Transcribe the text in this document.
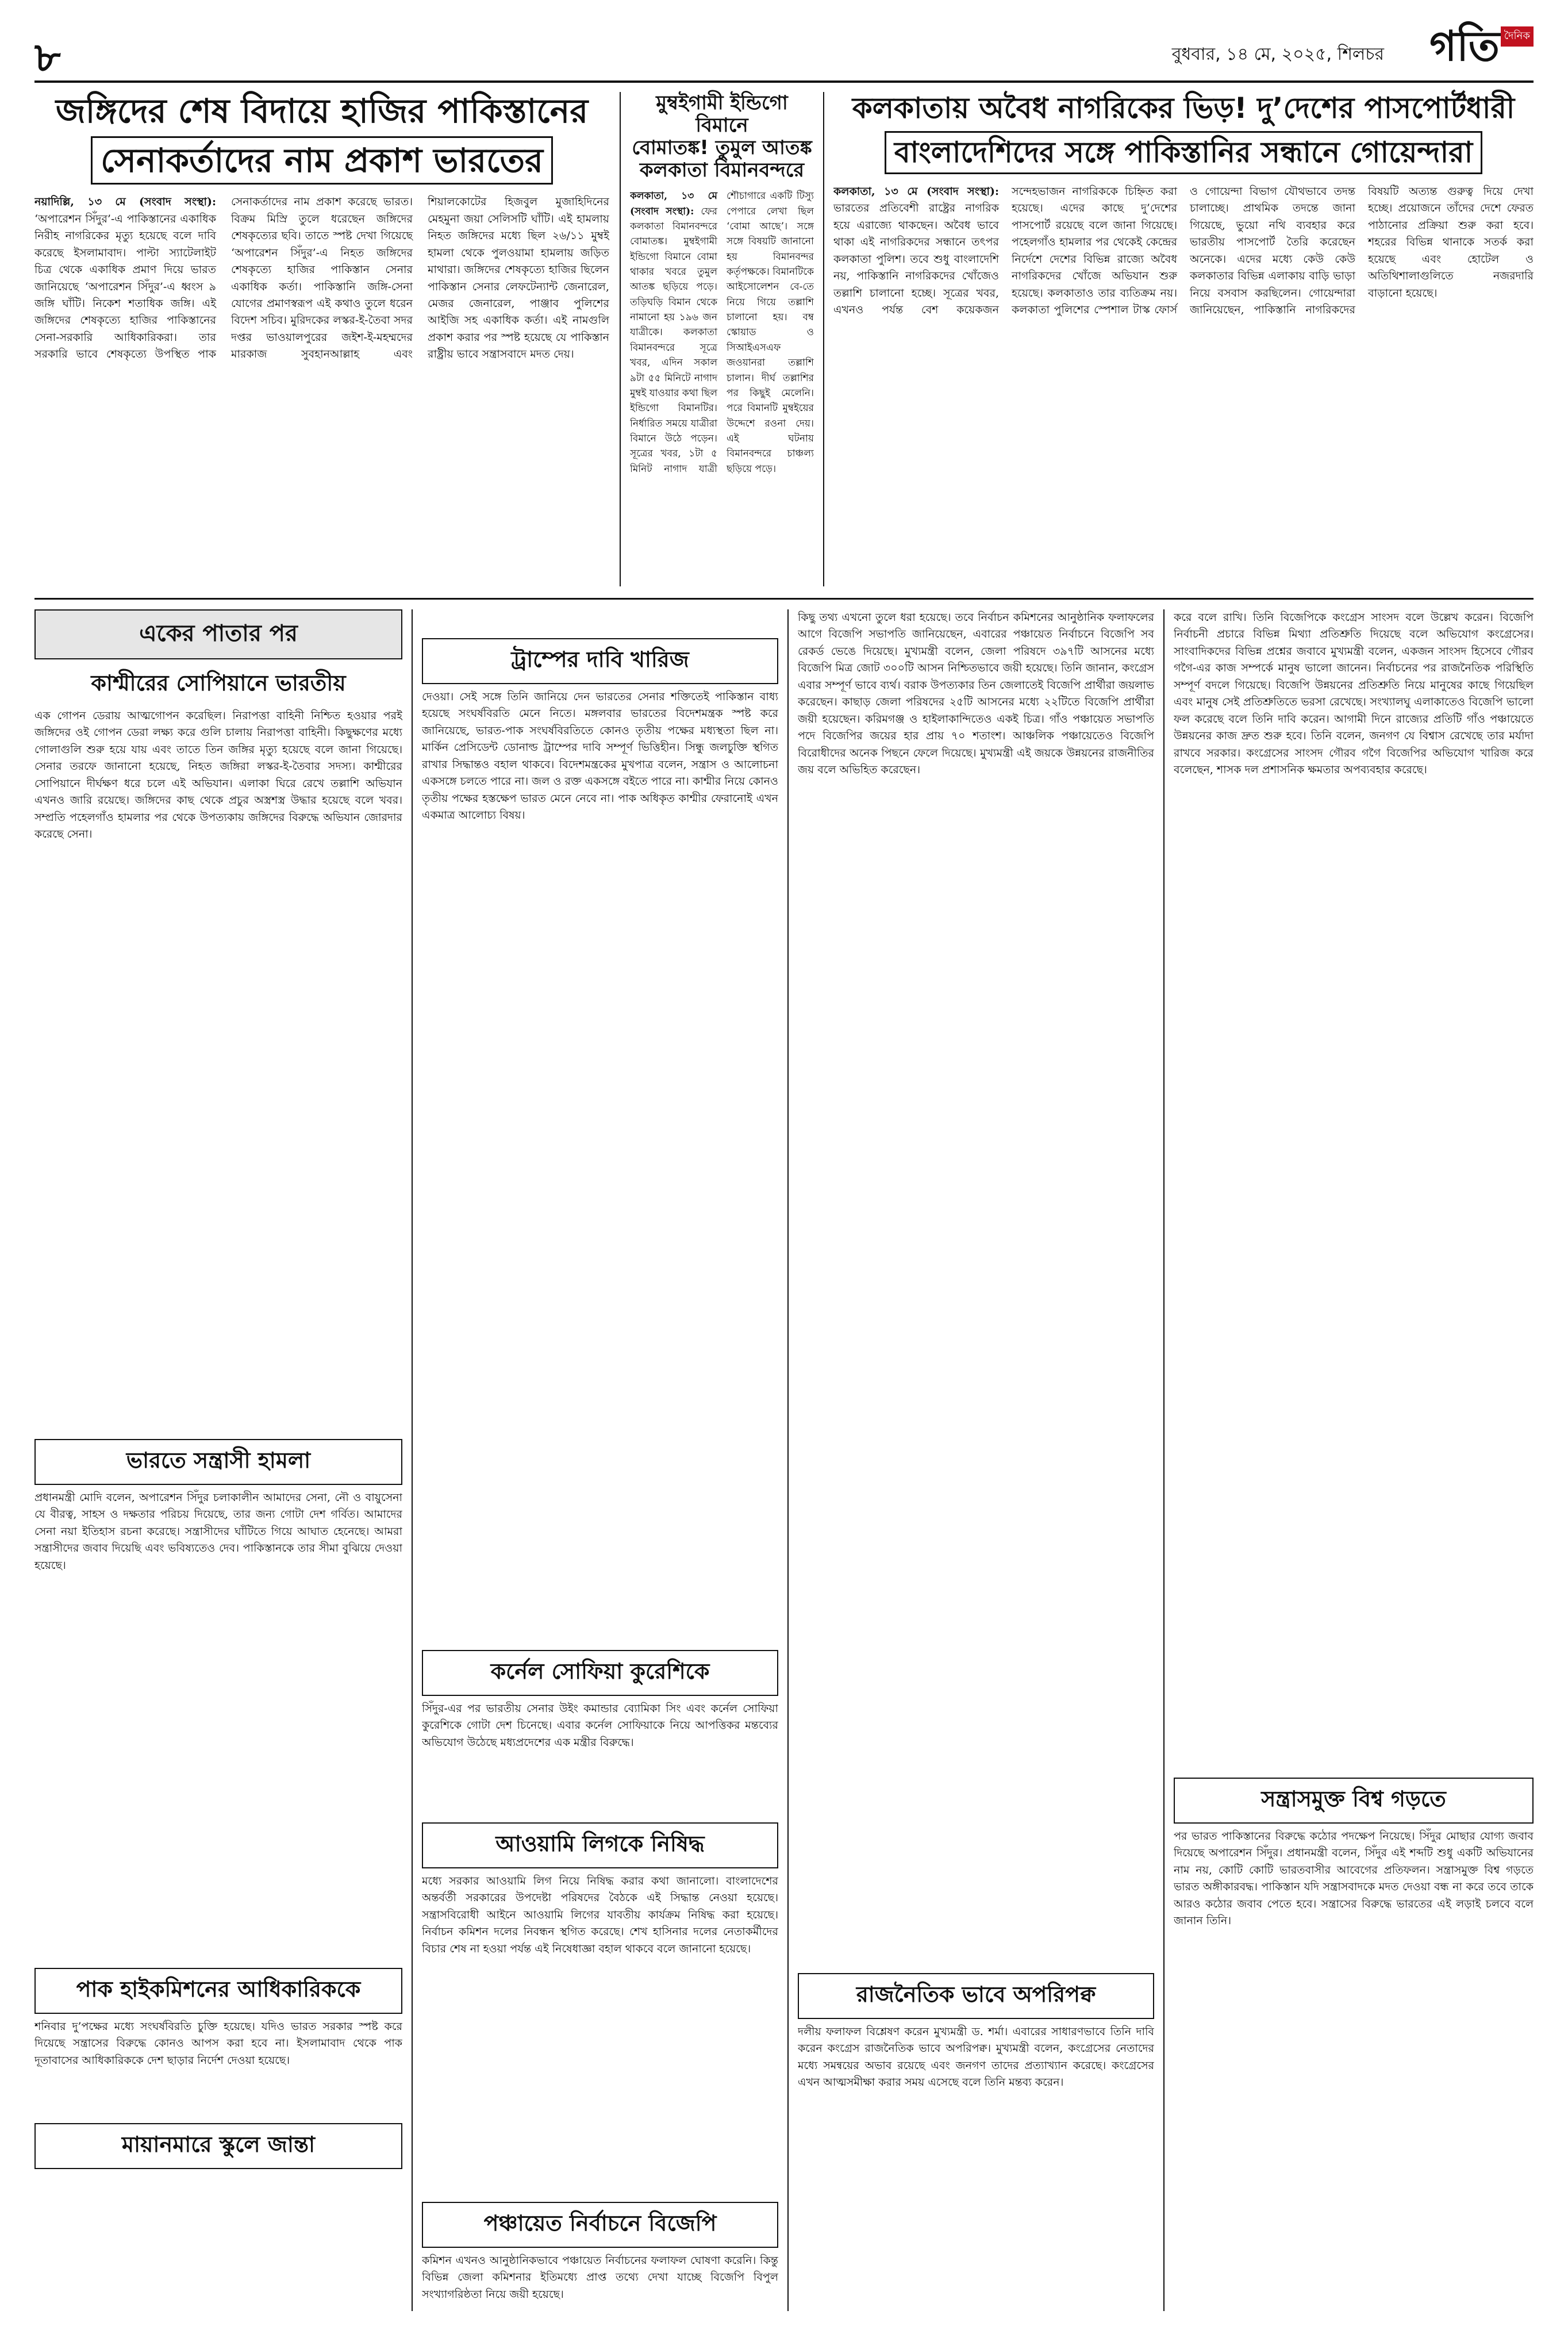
৮	বুধবার, ১৪ মে, ২০২৫, শিলচর গতি দৈনিক
জঙ্গিদের শেষ বিদায়ে হাজির পাকিস্তানের
সেনাকর্তাদের নাম প্রকাশ ভারতের
নয়াদিল্লি, ১৩ মে (সংবাদ সংস্থা): ‘অপারেশন সিঁদুর’-এ পাকিস্তানের একাধিক নিরীহ নাগরিকের মৃত্যু হয়েছে বলে দাবি করেছে ইসলামাবাদ। পাল্টা স্যাটেলাইট চিত্র থেকে একাধিক প্রমাণ দিয়ে ভারত জানিয়েছে ‘অপারেশন সিঁদুর’-এ ধ্বংস ৯ জঙ্গি ঘাঁটি। নিকেশ শতাধিক জঙ্গি। এই জঙ্গিদের শেষকৃত্যে হাজির পাকিস্তানের সেনা-সরকারি আধিকারিকরা। তার সরকারি ভাবে শেষকৃত্যে উপস্থিত পাক সেনাকর্তাদের নাম প্রকাশ করেছে ভারত। বিক্রম মিস্রি তুলে ধরেছেন জঙ্গিদের শেষকৃত্যের ছবি। তাতে স্পষ্ট দেখা গিয়েছে ‘অপারেশন সিঁদুর’-এ নিহত জঙ্গিদের শেষকৃত্যে হাজির পাকিস্তান সেনার একাধিক কর্তা। পাকিস্তানি জঙ্গি-সেনা যোগের প্রমাণস্বরূপ এই কথাও তুলে ধরেন বিদেশ সচিব। মুরিদকের লস্কর-ই-তৈবা সদর দপ্তর ভাওয়ালপুরের জইশ-ই-মহম্মদের মারকাজ সুবহানআল্লাহ এবং শিয়ালকোটের হিজবুল মুজাহিদিনের মেহমুনা জয়া সেলিসটি ঘাঁটি। এই হামলায় নিহত জঙ্গিদের মধ্যে ছিল ২৬/১১ মুম্বই হামলা থেকে পুলওয়ামা হামলায় জড়িত মাথারা। জঙ্গিদের শেষকৃত্যে হাজির ছিলেন পাকিস্তান সেনার লেফটেন্যান্ট জেনারেল, মেজর জেনারেল, পাঞ্জাব পুলিশের আইজি সহ একাধিক কর্তা। এই নামগুলি প্রকাশ করার পর স্পষ্ট হয়েছে যে পাকিস্তান রাষ্ট্রীয় ভাবে সন্ত্রাসবাদে মদত দেয়।
মুম্বইগামী ইন্ডিগো বিমানে
বোমাতঙ্ক! তুমুল আতঙ্ক
কলকাতা বিমানবন্দরে
কলকাতা, ১৩ মে (সংবাদ সংস্থা): ফের কলকাতা বিমানবন্দরে বোমাতঙ্ক। মুম্বইগামী ইন্ডিগো বিমানে বোমা থাকার খবরে তুমুল আতঙ্ক ছড়িয়ে পড়ে। তড়িঘড়ি বিমান থেকে নামানো হয় ১৯৬ জন যাত্রীকে। কলকাতা বিমানবন্দরে সূত্রে খবর, এদিন সকাল ৯টা ৫৫ মিনিটে নাগাদ মুম্বই যাওয়ার কথা ছিল ইন্ডিগো বিমানটির। নির্ধারিত সময়ে যাত্রীরা বিমানে উঠে পড়েন। সূত্রের খবর, ১টা ৫ মিনিট নাগাদ যাত্রী শৌচাগারে একটি টিস্যু পেপারে লেখা ছিল ‘বোমা আছে’। সঙ্গে সঙ্গে বিষয়টি জানানো হয় বিমানবন্দর কর্তৃপক্ষকে। বিমানটিকে আইসোলেশন বে-তে নিয়ে গিয়ে তল্লাশি চালানো হয়। বম্ব স্কোয়াড ও সিআইএসএফ জওয়ানরা তল্লাশি চালান। দীর্ঘ তল্লাশির পর কিছুই মেলেনি। পরে বিমানটি মুম্বইয়ের উদ্দেশে রওনা দেয়। এই ঘটনায় বিমানবন্দরে চাঞ্চল্য ছড়িয়ে পড়ে।
কলকাতায় অবৈধ নাগরিকের ভিড়! দু’দেশের পাসপোর্টধারী
বাংলাদেশিদের সঙ্গে পাকিস্তানির সন্ধানে গোয়েন্দারা
কলকাতা, ১৩ মে (সংবাদ সংস্থা): ভারতের প্রতিবেশী রাষ্ট্রের নাগরিক হয়ে এরাজ্যে থাকছেন। অবৈধ ভাবে থাকা এই নাগরিকদের সন্ধানে তৎপর কলকাতা পুলিশ। তবে শুধু বাংলাদেশি নয়, পাকিস্তানি নাগরিকদের খোঁজেও তল্লাশি চালানো হচ্ছে। সূত্রের খবর, এখনও পর্যন্ত বেশ কয়েকজন সন্দেহভাজন নাগরিককে চিহ্নিত করা হয়েছে। এদের কাছে দু’দেশের পাসপোর্ট রয়েছে বলে জানা গিয়েছে। পহেলগাঁও হামলার পর থেকেই কেন্দ্রের নির্দেশে দেশের বিভিন্ন রাজ্যে অবৈধ নাগরিকদের খোঁজে অভিযান শুরু হয়েছে। কলকাতাও তার ব্যতিক্রম নয়। কলকাতা পুলিশের স্পেশাল টাস্ক ফোর্স ও গোয়েন্দা বিভাগ যৌথভাবে তদন্ত চালাচ্ছে। প্রাথমিক তদন্তে জানা গিয়েছে, ভুয়ো নথি ব্যবহার করে ভারতীয় পাসপোর্ট তৈরি করেছেন অনেকে। এদের মধ্যে কেউ কেউ কলকাতার বিভিন্ন এলাকায় বাড়ি ভাড়া নিয়ে বসবাস করছিলেন। গোয়েন্দারা জানিয়েছেন, পাকিস্তানি নাগরিকদের বিষয়টি অত্যন্ত গুরুত্ব দিয়ে দেখা হচ্ছে। প্রয়োজনে তাঁদের দেশে ফেরত পাঠানোর প্রক্রিয়া শুরু করা হবে। শহরের বিভিন্ন থানাকে সতর্ক করা হয়েছে এবং হোটেল ও অতিথিশালাগুলিতে নজরদারি বাড়ানো হয়েছে।
একের পাতার পর
কাশ্মীরের সোপিয়ানে ভারতীয়
এক গোপন ডেরায় আত্মগোপন করেছিল। নিরাপত্তা বাহিনী নিশ্চিত হওয়ার পরই জঙ্গিদের ওই গোপন ডেরা লক্ষ্য করে গুলি চালায় নিরাপত্তা বাহিনী। কিছুক্ষণের মধ্যে গোলাগুলি শুরু হয়ে যায় এবং তাতে তিন জঙ্গির মৃত্যু হয়েছে বলে জানা গিয়েছে। সেনার তরফে জানানো হয়েছে, নিহত জঙ্গিরা লস্কর-ই-তৈবার সদস্য। কাশ্মীরের সোপিয়ানে দীর্ঘক্ষণ ধরে চলে এই অভিযান। এলাকা ঘিরে রেখে তল্লাশি অভিযান এখনও জারি রয়েছে। জঙ্গিদের কাছ থেকে প্রচুর অস্ত্রশস্ত্র উদ্ধার হয়েছে বলে খবর। সম্প্রতি পহেলগাঁও হামলার পর থেকে উপত্যকায় জঙ্গিদের বিরুদ্ধে অভিযান জোরদার করেছে সেনা।
ভারতে সন্ত্রাসী হামলা
প্রধানমন্ত্রী মোদি বলেন, অপারেশন সিঁদুর চলাকালীন আমাদের সেনা, নৌ ও বায়ুসেনা যে বীরত্ব, সাহস ও দক্ষতার পরিচয় দিয়েছে, তার জন্য গোটা দেশ গর্বিত। আমাদের সেনা নয়া ইতিহাস রচনা করেছে। সন্ত্রাসীদের ঘাঁটিতে গিয়ে আঘাত হেনেছে। আমরা সন্ত্রাসীদের জবাব দিয়েছি এবং ভবিষ্যতেও দেব। পাকিস্তানকে তার সীমা বুঝিয়ে দেওয়া হয়েছে।
পাক হাইকমিশনের আধিকারিককে
শনিবার দু’পক্ষের মধ্যে সংঘর্ষবিরতি চুক্তি হয়েছে। যদিও ভারত সরকার স্পষ্ট করে দিয়েছে সন্ত্রাসের বিরুদ্ধে কোনও আপস করা হবে না। ইসলামাবাদ থেকে পাক দূতাবাসের আধিকারিককে দেশ ছাড়ার নির্দেশ দেওয়া হয়েছে।
মায়ানমারে স্কুলে জান্তা
ট্রাম্পের দাবি খারিজ
দেওয়া। সেই সঙ্গে তিনি জানিয়ে দেন ভারতের সেনার শক্তিতেই পাকিস্তান বাধ্য হয়েছে সংঘর্ষবিরতি মেনে নিতে। মঙ্গলবার ভারতের বিদেশমন্ত্রক স্পষ্ট করে জানিয়েছে, ভারত-পাক সংঘর্ষবিরতিতে কোনও তৃতীয় পক্ষের মধ্যস্থতা ছিল না। মার্কিন প্রেসিডেন্ট ডোনাল্ড ট্রাম্পের দাবি সম্পূর্ণ ভিত্তিহীন। সিন্ধু জলচুক্তি স্থগিত রাখার সিদ্ধান্তও বহাল থাকবে। বিদেশমন্ত্রকের মুখপাত্র বলেন, সন্ত্রাস ও আলোচনা একসঙ্গে চলতে পারে না। জল ও রক্ত একসঙ্গে বইতে পারে না। কাশ্মীর নিয়ে কোনও তৃতীয় পক্ষের হস্তক্ষেপ ভারত মেনে নেবে না। পাক অধিকৃত কাশ্মীর ফেরানোই এখন একমাত্র আলোচ্য বিষয়।
কর্নেল সোফিয়া কুরেশিকে
সিঁদুর-এর পর ভারতীয় সেনার উইং কমান্ডার ব্যোমিকা সিং এবং কর্নেল সোফিয়া কুরেশিকে গোটা দেশ চিনেছে। এবার কর্নেল সোফিয়াকে নিয়ে আপত্তিকর মন্তব্যের অভিযোগ উঠেছে মধ্যপ্রদেশের এক মন্ত্রীর বিরুদ্ধে।
আওয়ামি লিগকে নিষিদ্ধ
মধ্যে সরকার আওয়ামি লিগ নিয়ে নিষিদ্ধ করার কথা জানালো। বাংলাদেশের অন্তর্বর্তী সরকারের উপদেষ্টা পরিষদের বৈঠকে এই সিদ্ধান্ত নেওয়া হয়েছে। সন্ত্রাসবিরোধী আইনে আওয়ামি লিগের যাবতীয় কার্যক্রম নিষিদ্ধ করা হয়েছে। নির্বাচন কমিশন দলের নিবন্ধন স্থগিত করেছে। শেখ হাসিনার দলের নেতাকর্মীদের বিচার শেষ না হওয়া পর্যন্ত এই নিষেধাজ্ঞা বহাল থাকবে বলে জানানো হয়েছে।
পঞ্চায়েত নির্বাচনে বিজেপি
কমিশন এখনও আনুষ্ঠানিকভাবে পঞ্চায়েত নির্বাচনের ফলাফল ঘোষণা করেনি। কিন্তু বিভিন্ন জেলা কমিশনার ইতিমধ্যে প্রাপ্ত তথ্যে দেখা যাচ্ছে বিজেপি বিপুল সংখ্যাগরিষ্ঠতা নিয়ে জয়ী হয়েছে।
কিছু তথ্য এখনো তুলে ধরা হয়েছে। তবে নির্বাচন কমিশনের আনুষ্ঠানিক ফলাফলের আগে বিজেপি সভাপতি জানিয়েছেন, এবারের পঞ্চায়েত নির্বাচনে বিজেপি সব রেকর্ড ভেঙে দিয়েছে। মুখ্যমন্ত্রী বলেন, জেলা পরিষদে ৩৯৭টি আসনের মধ্যে বিজেপি মিত্র জোট ৩০০টি আসন নিশ্চিতভাবে জয়ী হয়েছে। তিনি জানান, কংগ্রেস এবার সম্পূর্ণ ভাবে ব্যর্থ। বরাক উপত্যকার তিন জেলাতেই বিজেপি প্রার্থীরা জয়লাভ করেছেন। কাছাড় জেলা পরিষদের ২৫টি আসনের মধ্যে ২২টিতে বিজেপি প্রার্থীরা জয়ী হয়েছেন। করিমগঞ্জ ও হাইলাকান্দিতেও একই চিত্র। গাঁও পঞ্চায়েত সভাপতি পদে বিজেপির জয়ের হার প্রায় ৭০ শতাংশ। আঞ্চলিক পঞ্চায়েতেও বিজেপি বিরোধীদের অনেক পিছনে ফেলে দিয়েছে। মুখ্যমন্ত্রী এই জয়কে উন্নয়নের রাজনীতির জয় বলে অভিহিত করেছেন।
রাজনৈতিক ভাবে অপরিপক্ব
দলীয় ফলাফল বিশ্লেষণ করেন মুখ্যমন্ত্রী ড. শর্মা। এবারের সাধারণভাবে তিনি দাবি করেন কংগ্রেস রাজনৈতিক ভাবে অপরিপক্ব। মুখ্যমন্ত্রী বলেন, কংগ্রেসের নেতাদের মধ্যে সমন্বয়ের অভাব রয়েছে এবং জনগণ তাদের প্রত্যাখ্যান করেছে। কংগ্রেসের এখন আত্মসমীক্ষা করার সময় এসেছে বলে তিনি মন্তব্য করেন।
করে বলে রাখি। তিনি বিজেপিকে কংগ্রেস সাংসদ বলে উল্লেখ করেন। বিজেপি নির্বাচনী প্রচারে বিভিন্ন মিথ্যা প্রতিশ্রুতি দিয়েছে বলে অভিযোগ কংগ্রেসের। সাংবাদিকদের বিভিন্ন প্রশ্নের জবাবে মুখ্যমন্ত্রী বলেন, একজন সাংসদ হিসেবে গৌরব গগৈ-এর কাজ সম্পর্কে মানুষ ভালো জানেন। নির্বাচনের পর রাজনৈতিক পরিস্থিতি সম্পূর্ণ বদলে গিয়েছে। বিজেপি উন্নয়নের প্রতিশ্রুতি নিয়ে মানুষের কাছে গিয়েছিল এবং মানুষ সেই প্রতিশ্রুতিতে ভরসা রেখেছে। সংখ্যালঘু এলাকাতেও বিজেপি ভালো ফল করেছে বলে তিনি দাবি করেন। আগামী দিনে রাজ্যের প্রতিটি গাঁও পঞ্চায়েতে উন্নয়নের কাজ দ্রুত শুরু হবে। তিনি বলেন, জনগণ যে বিশ্বাস রেখেছে তার মর্যাদা রাখবে সরকার। কংগ্রেসের সাংসদ গৌরব গগৈ বিজেপির অভিযোগ খারিজ করে বলেছেন, শাসক দল প্রশাসনিক ক্ষমতার অপব্যবহার করেছে।
সন্ত্রাসমুক্ত বিশ্ব গড়তে
পর ভারত পাকিস্তানের বিরুদ্ধে কঠোর পদক্ষেপ নিয়েছে। সিঁদুর মোছার যোগ্য জবাব দিয়েছে অপারেশন সিঁদুর। প্রধানমন্ত্রী বলেন, সিঁদুর এই শব্দটি শুধু একটি অভিযানের নাম নয়, কোটি কোটি ভারতবাসীর আবেগের প্রতিফলন। সন্ত্রাসমুক্ত বিশ্ব গড়তে ভারত অঙ্গীকারবদ্ধ। পাকিস্তান যদি সন্ত্রাসবাদকে মদত দেওয়া বন্ধ না করে তবে তাকে আরও কঠোর জবাব পেতে হবে। সন্ত্রাসের বিরুদ্ধে ভারতের এই লড়াই চলবে বলে জানান তিনি।
